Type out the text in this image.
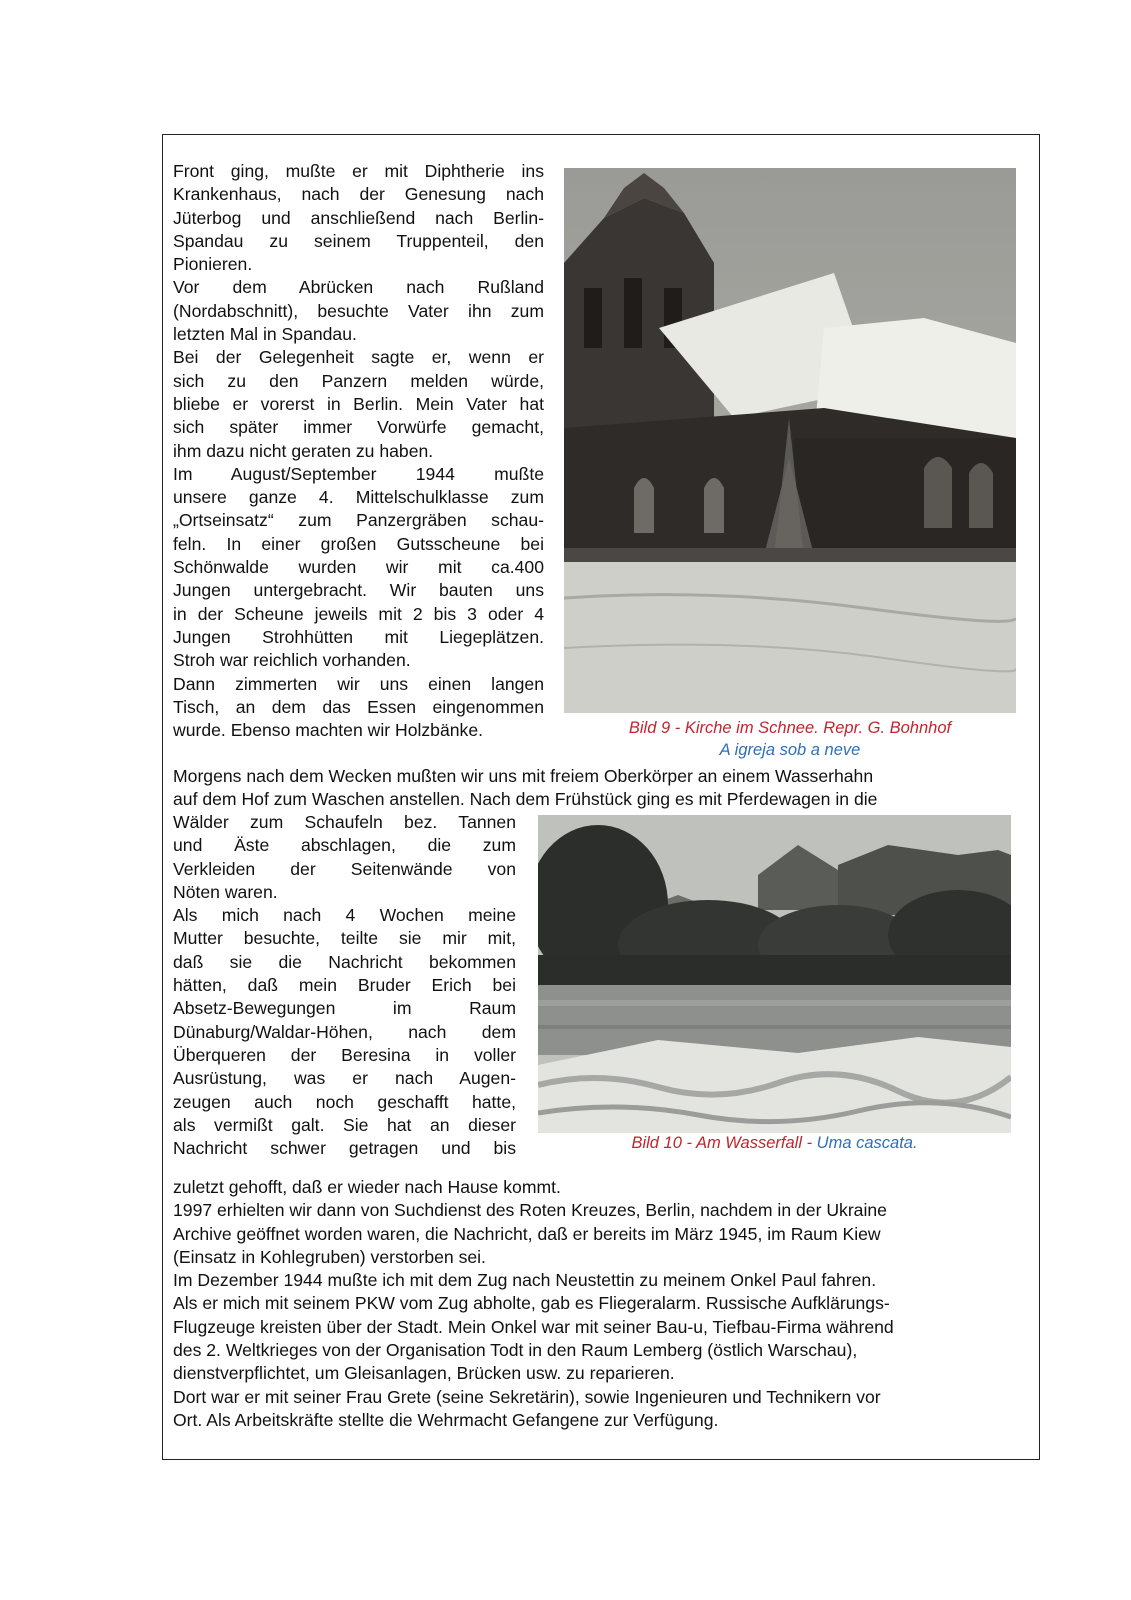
Front ging, mußte er mit Diphtherie ins
Krankenhaus, nach der Genesung nach
Jüterbog und anschließend nach Berlin-
Spandau zu seinem Truppenteil, den
Pionieren.
Vor dem Abrücken nach Rußland
(Nordabschnitt), besuchte Vater ihn zum
letzten Mal in Spandau.
Bei der Gelegenheit sagte er, wenn er
sich zu den Panzern melden würde,
bliebe er vorerst in Berlin. Mein Vater hat
sich später immer Vorwürfe gemacht,
ihm dazu nicht geraten zu haben.
Im August/September 1944 mußte
unsere ganze 4. Mittelschulklasse zum
„Ortseinsatz“ zum Panzergräben schau-
feln. In einer großen Gutsscheune bei
Schönwalde wurden wir mit ca.400
Jungen untergebracht. Wir bauten uns
in der Scheune jeweils mit 2 bis 3 oder 4
Jungen Strohhütten mit Liegeplätzen.
Stroh war reichlich vorhanden.
Dann zimmerten wir uns einen langen
Tisch, an dem das Essen eingenommen
wurde. Ebenso machten wir Holzbänke.	Bild 9 - Kirche im Schnee. Repr. G. Bohnhof
A igreja sob a neve
Morgens nach dem Wecken mußten wir uns mit freiem Oberkörper an einem Wasserhahn
auf dem Hof zum Waschen anstellen. Nach dem Frühstück ging es mit Pferdewagen in die
Wälder zum Schaufeln bez. Tannen
und Äste abschlagen, die zum
Verkleiden der Seitenwände von
Nöten waren.
Als mich nach 4 Wochen meine
Mutter besuchte, teilte sie mir mit,
daß sie die Nachricht bekommen
hätten, daß mein Bruder Erich bei
Absetz-Bewegungen im Raum
Dünaburg/Waldar-Höhen, nach dem
Überqueren der Beresina in voller
Ausrüstung, was er nach Augen-
zeugen auch noch geschafft hatte,
als vermißt galt. Sie hat an dieser
Nachricht schwer getragen und bis	Bild 10 - Am Wasserfall - Uma cascata.
zuletzt gehofft, daß er wieder nach Hause kommt.
1997 erhielten wir dann von Suchdienst des Roten Kreuzes, Berlin, nachdem in der Ukraine
Archive geöffnet worden waren, die Nachricht, daß er bereits im März 1945, im Raum Kiew
(Einsatz in Kohlegruben) verstorben sei.
Im Dezember 1944 mußte ich mit dem Zug nach Neustettin zu meinem Onkel Paul fahren.
Als er mich mit seinem PKW vom Zug abholte, gab es Fliegeralarm. Russische Aufklärungs-
Flugzeuge kreisten über der Stadt. Mein Onkel war mit seiner Bau-u, Tiefbau-Firma während
des 2. Weltkrieges von der Organisation Todt in den Raum Lemberg (östlich Warschau),
dienstverpflichtet, um Gleisanlagen, Brücken usw. zu reparieren.
Dort war er mit seiner Frau Grete (seine Sekretärin), sowie Ingenieuren und Technikern vor
Ort. Als Arbeitskräfte stellte die Wehrmacht Gefangene zur Verfügung.
